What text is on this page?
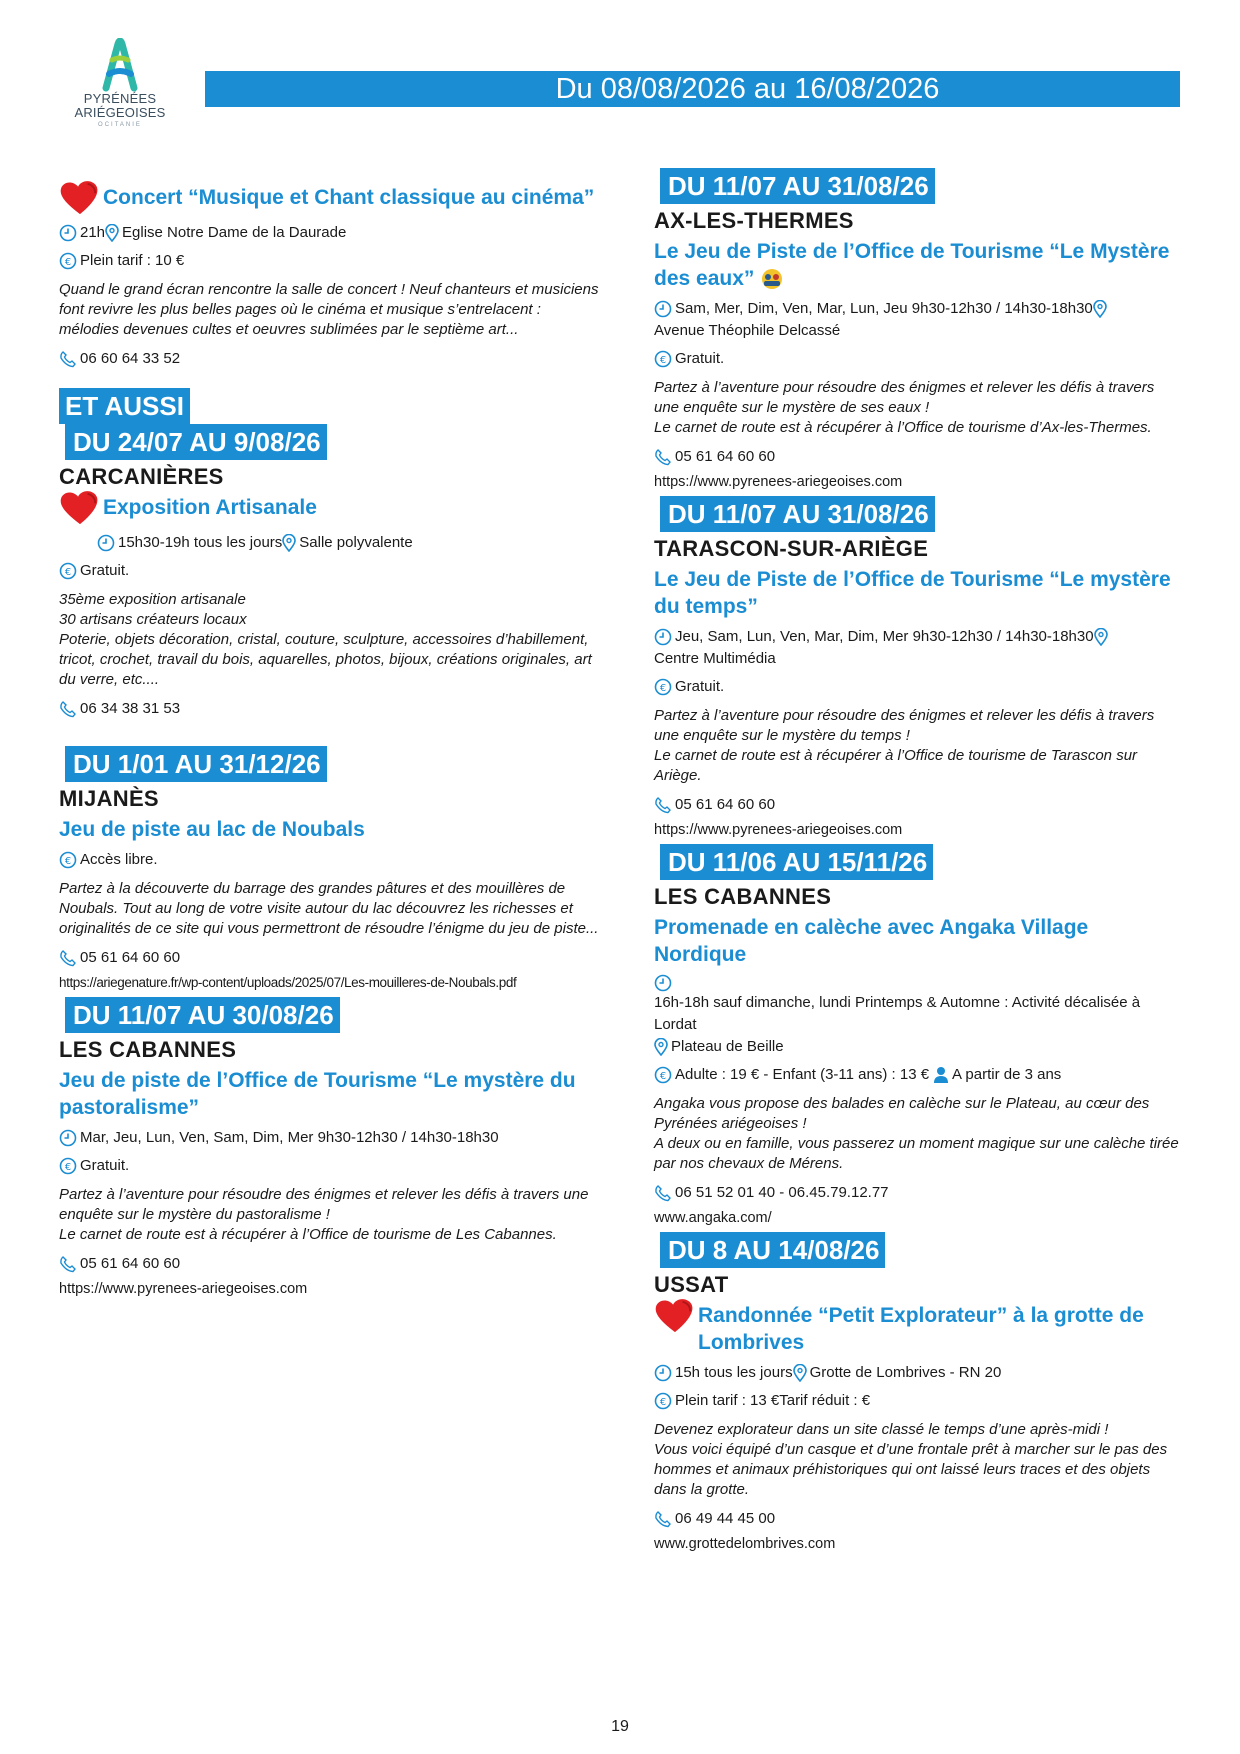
PYRÉNÉES
ARIÉGEOISES
OCITANIE
Du 08/08/2026 au 16/08/2026
Concert “Musique et Chant classique au cinéma”
21h Eglise Notre Dame de la Daurade
€ Plein tarif : 10 €
Quand le grand écran rencontre la salle de concert ! Neuf chanteurs et musiciens font revivre les plus belles pages où le cinéma et musique s’entrelacent : mélodies devenues cultes et oeuvres sublimées par le septième art...
06 60 64 33 52
ET AUSSI
DU 24/07 AU 9/08/26
CARCANIÈRES
Exposition Artisanale
15h30-19h tous les jours Salle polyvalente
€ Gratuit.
35ème exposition artisanale
30 artisans créateurs locaux
Poterie, objets décoration, cristal, couture, sculpture, accessoires d’habillement, tricot, crochet, travail du bois, aquarelles, photos, bijoux, créations originales, art du verre, etc....
06 34 38 31 53
DU 1/01 AU 31/12/26
MIJANÈS
Jeu de piste au lac de Noubals
€ Accès libre.
Partez à la découverte du barrage des grandes pâtures et des mouillères de Noubals. Tout au long de votre visite autour du lac découvrez les richesses et originalités de ce site qui vous permettront de résoudre l’énigme du jeu de piste...
05 61 64 60 60
https://ariegenature.fr/wp-content/uploads/2025/07/Les-mouilleres-de-Noubals.pdf
DU 11/07 AU 30/08/26
LES CABANNES
Jeu de piste de l’Office de Tourisme “Le mystère du pastoralisme”
Mar, Jeu, Lun, Ven, Sam, Dim, Mer 9h30-12h30 / 14h30-18h30
€ Gratuit.
Partez à l’aventure pour résoudre des énigmes et relever les défis à travers une enquête sur le mystère du pastoralisme !
Le carnet de route est à récupérer à l’Office de tourisme de Les Cabannes.
05 61 64 60 60
https://www.pyrenees-ariegeoises.com
DU 11/07 AU 31/08/26
AX-LES-THERMES
Le Jeu de Piste de l’Office de Tourisme “Le Mystère des eaux”
Sam, Mer, Dim, Ven, Mar, Lun, Jeu 9h30-12h30 / 14h30-18h30
Avenue Théophile Delcassé
€ Gratuit.
Partez à l’aventure pour résoudre des énigmes et relever les défis à travers une enquête sur le mystère de ses eaux !
Le carnet de route est à récupérer à l’Office de tourisme d’Ax-les-Thermes.
05 61 64 60 60
https://www.pyrenees-ariegeoises.com
DU 11/07 AU 31/08/26
TARASCON-SUR-ARIÈGE
Le Jeu de Piste de l’Office de Tourisme “Le mystère du temps”
Jeu, Sam, Lun, Ven, Mar, Dim, Mer 9h30-12h30 / 14h30-18h30
Centre Multimédia
€ Gratuit.
Partez à l’aventure pour résoudre des énigmes et relever les défis à travers une enquête sur le mystère du temps !
Le carnet de route est à récupérer à l’Office de tourisme de Tarascon sur Ariège.
05 61 64 60 60
https://www.pyrenees-ariegeoises.com
DU 11/06 AU 15/11/26
LES CABANNES
Promenade en calèche avec Angaka Village Nordique
16h-18h sauf dimanche, lundi Printemps & Automne : Activité décalisée à Lordat
Plateau de Beille
€ Adulte : 19 € - Enfant (3-11 ans) : 13 € A partir de 3 ans
Angaka vous propose des balades en calèche sur le Plateau, au cœur des Pyrénées ariégeoises !
A deux ou en famille, vous passerez un moment magique sur une calèche tirée par nos chevaux de Mérens.
06 51 52 01 40 - 06.45.79.12.77
www.angaka.com/
DU 8 AU 14/08/26
USSAT
Randonnée “Petit Explorateur” à la grotte de Lombrives
15h tous les jours Grotte de Lombrives - RN 20
€ Plein tarif : 13 €Tarif réduit : €
Devenez explorateur dans un site classé le temps d’une après-midi !
Vous voici équipé d’un casque et d’une frontale prêt à marcher sur le pas des hommes et animaux préhistoriques qui ont laissé leurs traces et des objets dans la grotte.
06 49 44 45 00
www.grottedelombrives.com
19
